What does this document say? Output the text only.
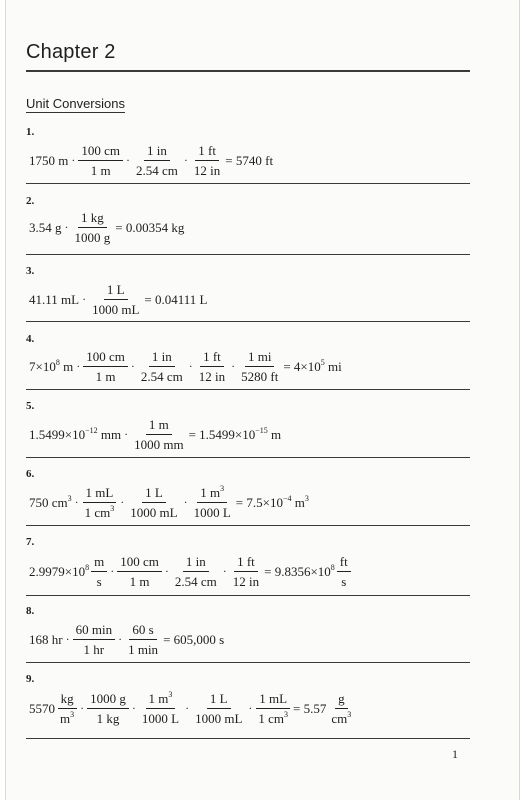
Chapter 2
Unit Conversions
1.
1750 m ·
100 cm
1 m
·
1 in
2.54 cm
· $\frac{1 ft}{12 in} = 5740$ ft
2.
3.54 $g \cdot \frac{1 kg}{1000 g} = 0.00354$ kg
3.
41.11 mL · $\frac{1 L}{1000 mL} = 0.04111$ L
4.
$7\times 10^8$ m ·
100 cm
1 m
·
1 in
2.54 cm
·
1 ft
12 in
· $\frac{1 mi}{5280 ft} = 4\times 10^5$ mi
5.
$1.5499\times 10^{-12}$ mm · $\frac{1 m}{1000 mm} = 1.5499\times 10^{-15}$ m
6.
750 $cm^3$ ·
1 mL
1 $cm^3$ ·
1 L
1000 mL
· $\frac{1 m^3}{1000 L} = 7.5\times 10^{-4}$ $m^3$
7.
$2.9979\times 10^8$ m
s
·
100 cm
1 m
·
1 in
2.54 cm
· $\frac{1 ft}{12 in} = 9.8356\times 10^8$ ft
s
8.
168 hr ·
60 min
1 hr
·
60 s
1 min
= 605,000 s
9.
5570
kg
$m^3$ ·
1000 g
1 kg
·
1 $m^3$
1000 L
·
1 L
1000 mL
· $\frac{1 mL}{1 cm^3} = 5.57$
g
$cm^3$
1
